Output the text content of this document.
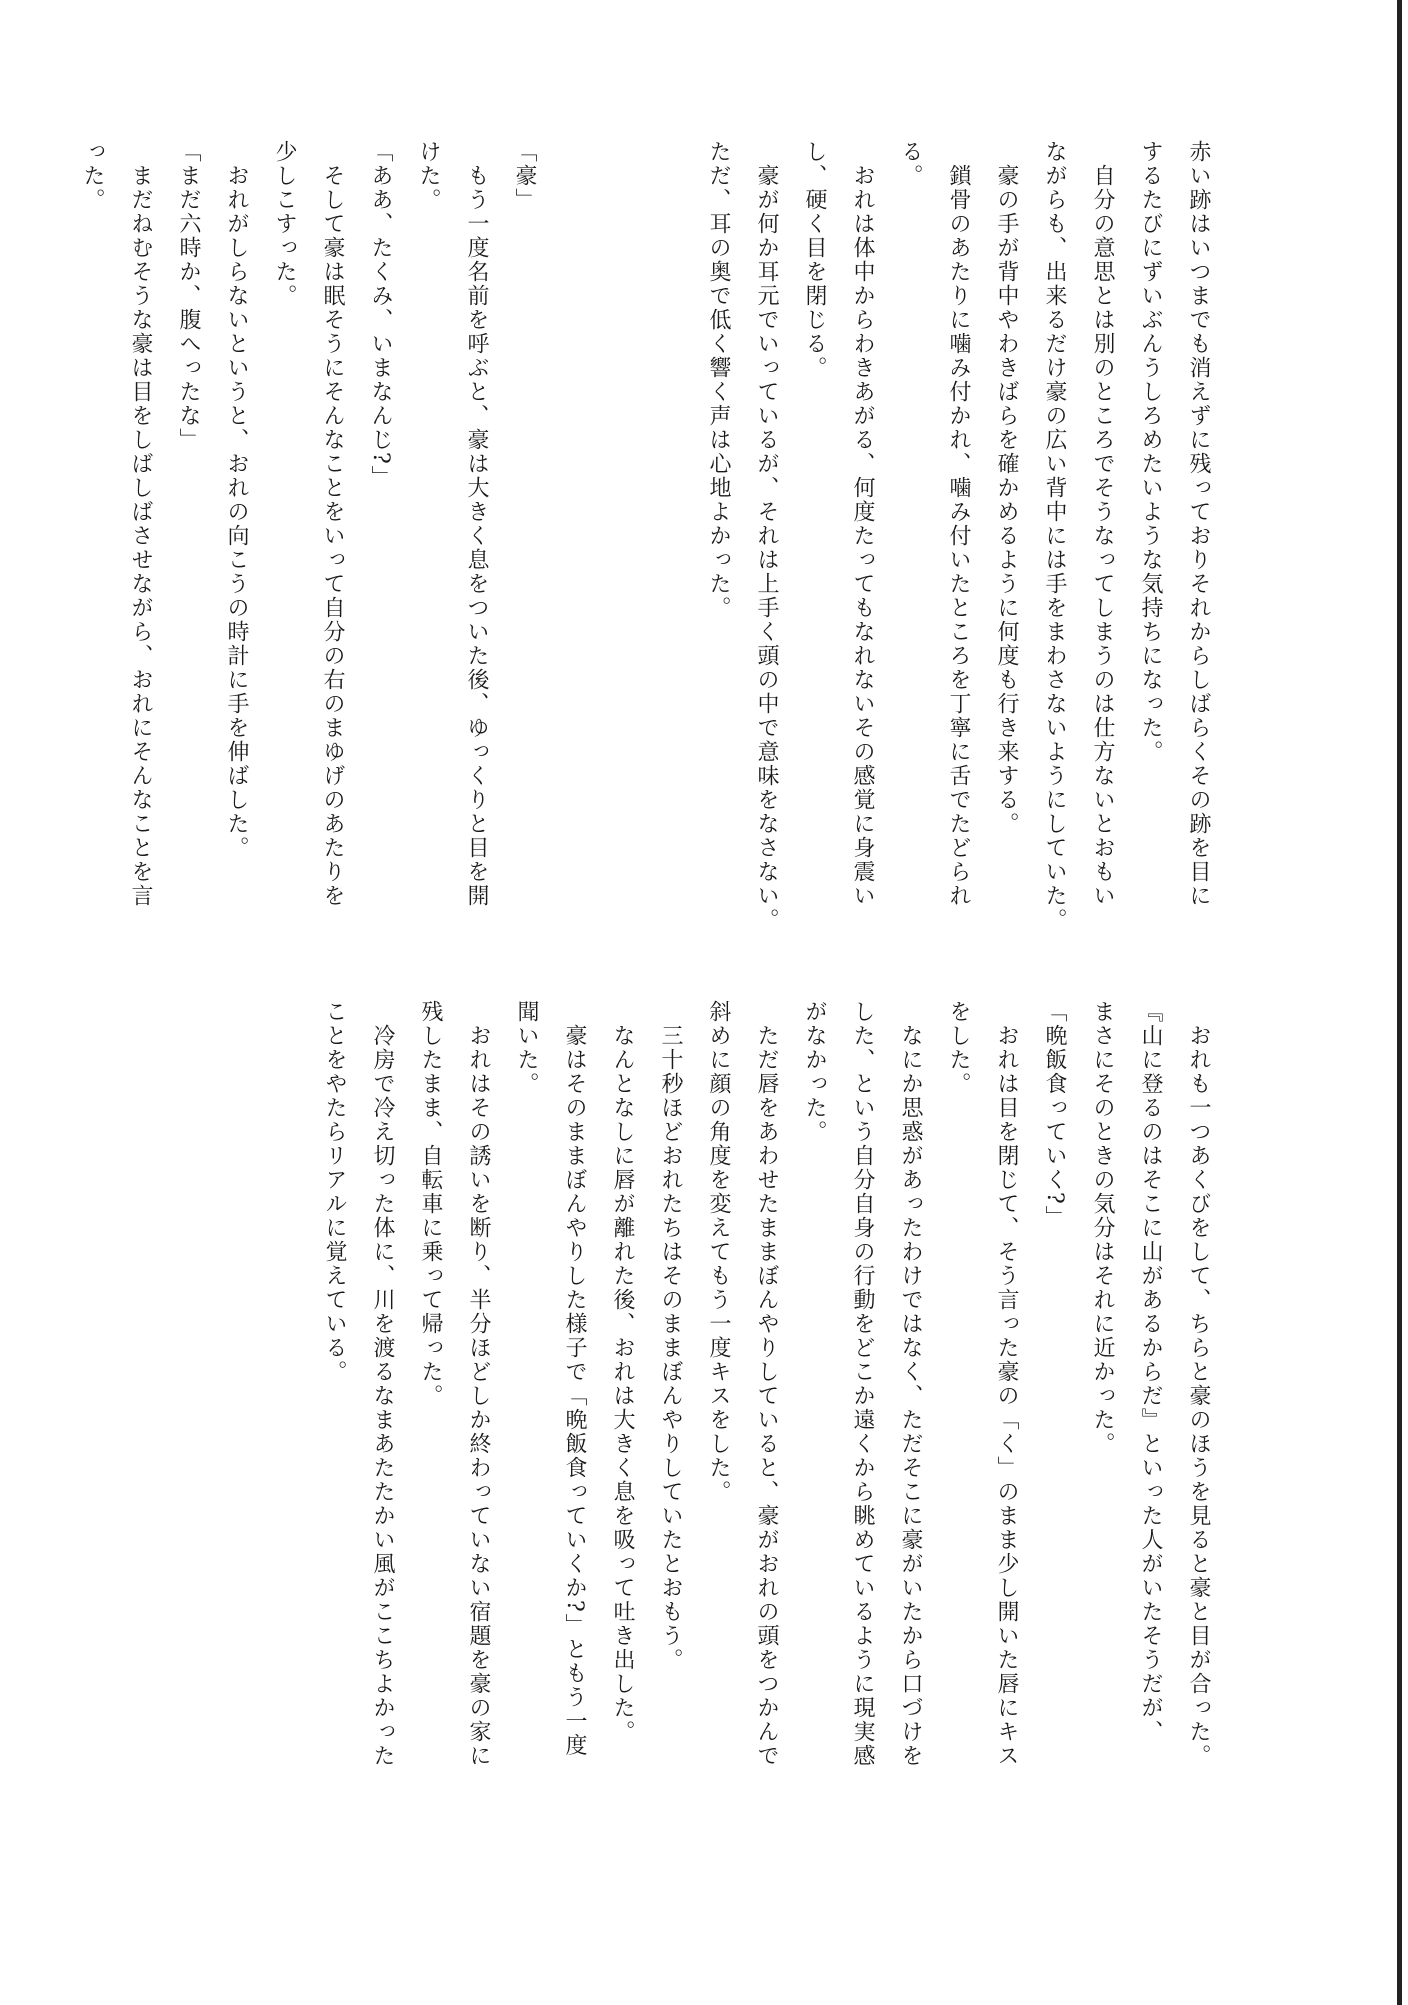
赤い跡はいつまでも消えずに残っておりそれからしばらくその跡を目に
するたびにずいぶんうしろめたいような気持ちになった。
　自分の意思とは別のところでそうなってしまうのは仕方ないとおもい
ながらも、出来るだけ豪の広い背中には手をまわさないようにしていた。
　豪の手が背中やわきばらを確かめるように何度も行き来する。
　鎖骨のあたりに噛み付かれ、噛み付いたところを丁寧に舌でたどられ
る。
　おれは体中からわきあがる、何度たってもなれないその感覚に身震い
し、硬く目を閉じる。
　豪が何か耳元でいっているが、それは上手く頭の中で意味をなさない。
ただ、耳の奥で低く響く声は心地よかった。
「豪」
　もう一度名前を呼ぶと、豪は大きく息をついた後、ゆっくりと目を開
けた。
「ああ、たくみ、いまなんじ?」
　そして豪は眠そうにそんなことをいって自分の右のまゆげのあたりを
少しこすった。
　おれがしらないというと、おれの向こうの時計に手を伸ばした。
「まだ六時か、腹へったな」
　まだねむそうな豪は目をしばしばさせながら、おれにそんなことを言
った。
　おれも一つあくびをして、ちらと豪のほうを見ると豪と目が合った。
『山に登るのはそこに山があるからだ』といった人がいたそうだが、
まさにそのときの気分はそれに近かった。
「晩飯食っていく?」
　おれは目を閉じて、そう言った豪の「く」のまま少し開いた唇にキス
をした。
　なにか思惑があったわけではなく、ただそこに豪がいたから口づけを
した、という自分自身の行動をどこか遠くから眺めているように現実感
がなかった。
　ただ唇をあわせたままぼんやりしていると、豪がおれの頭をつかんで
斜めに顔の角度を変えてもう一度キスをした。
　三十秒ほどおれたちはそのままぼんやりしていたとおもう。
　なんとなしに唇が離れた後、おれは大きく息を吸って吐き出した。
　豪はそのままぼんやりした様子で「晩飯食っていくか?」ともう一度
聞いた。
　おれはその誘いを断り、半分ほどしか終わっていない宿題を豪の家に
残したまま、自転車に乗って帰った。
　冷房で冷え切った体に、川を渡るなまあたたかい風がここちよかった
ことをやたらリアルに覚えている。
